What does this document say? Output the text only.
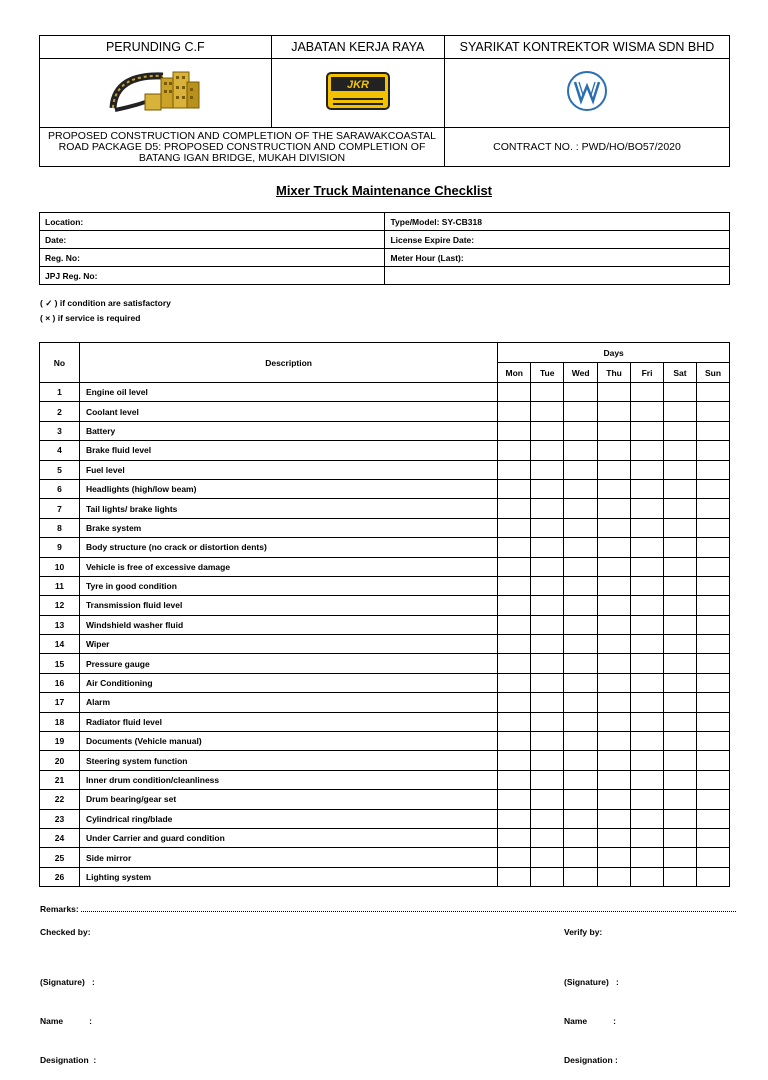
PERUNDING C.F	JABATAN KERJA RAYA	SYARIKAT KONTREKTOR WISMA SDN BHD

JKR

PROPOSED CONSTRUCTION AND COMPLETION OF THE SARAWAKCOASTAL
ROAD PACKAGE D5: PROPOSED CONSTRUCTION AND COMPLETION OF
BATANG IGAN BRIDGE, MUKAH DIVISION		CONTRACT NO. : PWD/HO/BO57/2020
Mixer Truck Maintenance Checklist
Location:	Type/Model: SY-CB318
Date:	License Expire Date:
Reg. No:	Meter Hour (Last):
JPJ Reg. No:	
( ✓ ) if condition are satisfactory
( × ) if service is required
No	Description	Days						
		Mon	Tue	Wed	Thu	Fri	Sat	Sun
1	Engine oil level							
2	Coolant level							
3	Battery							
4	Brake fluid level							
5	Fuel level							
6	Headlights (high/low beam)							
7	Tail lights/ brake lights							
8	Brake system							
9	Body structure (no crack or distortion dents)							
10	Vehicle is free of excessive damage							
11	Tyre in good condition							
12	Transmission fluid level							
13	Windshield washer fluid							
14	Wiper							
15	Pressure gauge							
16	Air Conditioning							
17	Alarm							
18	Radiator fluid level							
19	Documents (Vehicle manual)							
20	Steering system function							
21	Inner drum condition/cleanliness							
22	Drum bearing/gear set							
23	Cylindrical ring/blade							
24	Under Carrier and guard condition							
25	Side mirror							
26	Lighting system							
Remarks:
Checked by:	Verify by:

(Signature)   :

Name           :

Designation  :

(Signature)   :

Name           :

Designation :
